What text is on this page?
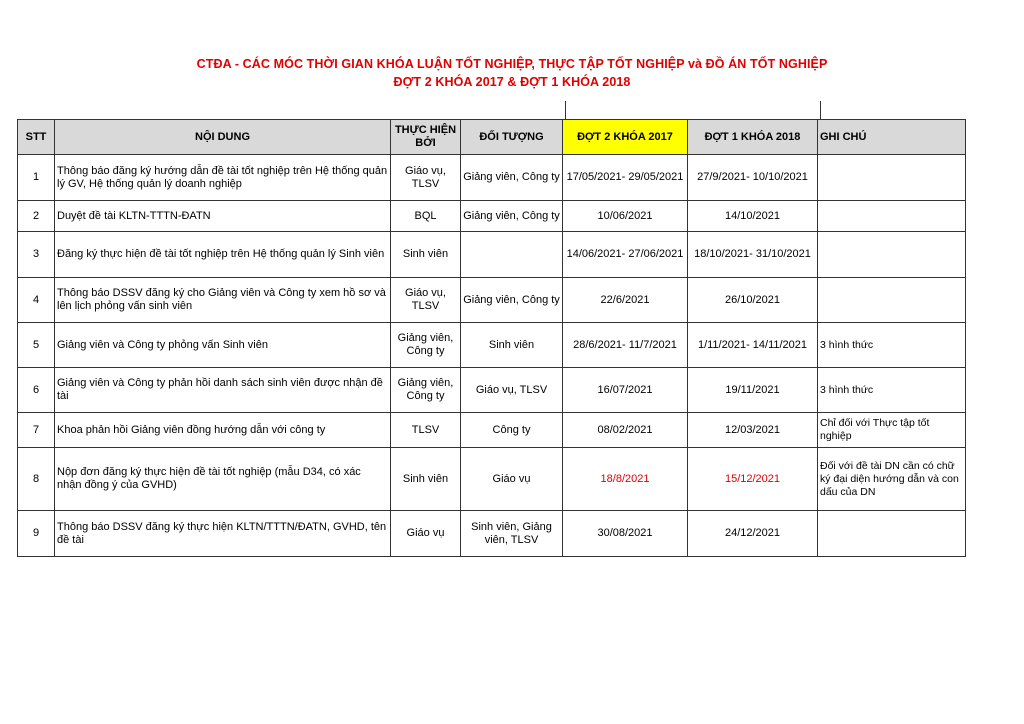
CTĐA - CÁC MÓC THỜI GIAN KHÓA LUẬN TỐT NGHIỆP, THỰC TẬP TỐT NGHIỆP và ĐỒ ÁN TỐT NGHIỆP
ĐỢT 2 KHÓA 2017 & ĐỢT 1 KHÓA 2018
STT	NỘI DUNG	THỰC HIỆN BỞI	ĐỐI TƯỢNG	ĐỢT 2 KHÓA 2017	ĐỢT 1 KHÓA 2018	GHI CHÚ
1	Thông báo đăng ký hướng dẫn đề tài tốt nghiệp trên Hệ thống quản lý GV, Hệ thống quản lý doanh nghiệp	Giáo vụ, TLSV	Giảng viên, Công ty	17/05/2021- 29/05/2021	27/9/2021- 10/10/2021	
2	Duyệt đề tài KLTN-TTTN-ĐATN	BQL	Giảng viên, Công ty	10/06/2021	14/10/2021	
3	Đăng ký thực hiện đề tài tốt nghiệp trên Hệ thống quản lý Sinh viên	Sinh viên		14/06/2021- 27/06/2021	18/10/2021- 31/10/2021	
4	Thông báo DSSV đăng ký cho Giảng viên và Công ty xem hồ sơ và lên lịch phỏng vấn sinh viên	Giáo vụ, TLSV	Giảng viên, Công ty	22/6/2021	26/10/2021	
5	Giảng viên và Công ty phỏng vấn Sinh viên	Giảng viên, Công ty	Sinh viên	28/6/2021- 11/7/2021	1/11/2021- 14/11/2021	3 hình thức
6	Giảng viên và Công ty phản hồi danh sách sinh viên được nhận đề tài	Giảng viên, Công ty	Giáo vụ, TLSV	16/07/2021	19/11/2021	3 hình thức
7	Khoa phản hồi Giảng viên đồng hướng dẫn với công ty	TLSV	Công ty	08/02/2021	12/03/2021	Chỉ đối với Thực tập tốt nghiệp
8	Nộp đơn đăng ký thực hiện đề tài tốt nghiệp (mẫu D34, có xác nhận đồng ý của GVHD)	Sinh viên	Giáo vụ	18/8/2021	15/12/2021	Đối với đề tài DN cần có chữ ký đại diện hướng dẫn và con dấu của DN
9	Thông báo DSSV đăng ký thực hiện KLTN/TTTN/ĐATN, GVHD, tên đề tài	Giáo vụ	Sinh viên, Giảng viên, TLSV	30/08/2021	24/12/2021	
